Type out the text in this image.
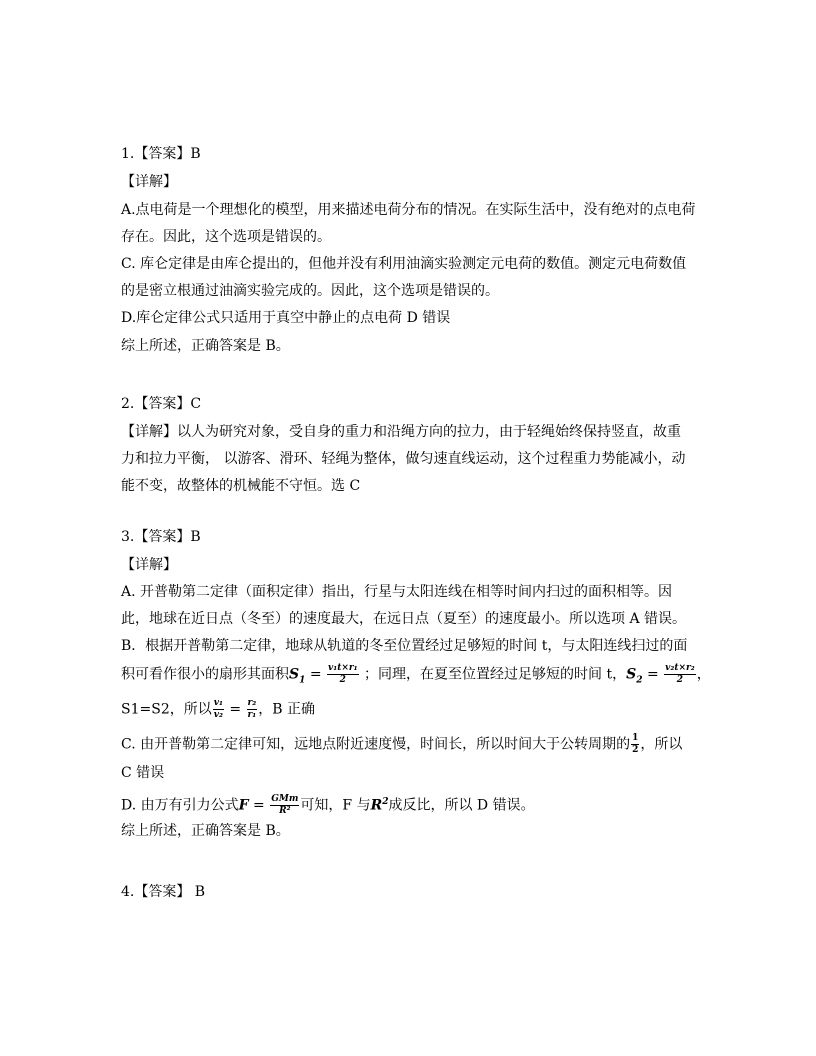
1.【答案】B
【详解】
A.点电荷是一个理想化的模型，用来描述电荷分布的情况。在实际生活中，没有绝对的点电荷
存在。因此，这个选项是错误的。
C. 库仑定律是由库仑提出的，但他并没有利用油滴实验测定元电荷的数值。测定元电荷数值
的是密立根通过油滴实验完成的。因此，这个选项是错误的。
D.库仑定律公式只适用于真空中静止的点电荷 D 错误
综上所述，正确答案是 B。
2.【答案】C
【详解】以人为研究对象，受自身的重力和沿绳方向的拉力，由于轻绳始终保持竖直，故重
力和拉力平衡， 以游客、滑环、轻绳为整体，做匀速直线运动，这个过程重力势能减小，动
能不变，故整体的机械能不守恒。选 C
3.【答案】B
【详解】
A. 开普勒第二定律（面积定律）指出，行星与太阳连线在相等时间内扫过的面积相等。因
此，地球在近日点（冬至）的速度最大，在远日点（夏至）的速度最小。所以选项 A 错误。
B．根据开普勒第二定律，地球从轨道的冬至位置经过足够短的时间 t，与太阳连线扫过的面
积可看作很小的扇形其面积$S_1 = \frac{\text{v₁t×r₁}}{2}$ ；同理，在夏至位置经过足够短的时间 t，$S_2 = \frac{\text{v₂t×r₂}}{2}$ ，
S1=S2，所以 $\frac{\text{v₁}}{\text{v₂}} = \frac{\text{r₂}}{\text{r₁}}$ ，B 正确
C. 由开普勒第二定律可知，远地点附近速度慢，时间长，所以时间大于公转周期的 $\frac{1}{2}$ ，所以
C 错误
D. 由万有引力公式$F = \frac{\text{GMm}}{\text{R²}}$ 可知，F 与$R^2$成反比，所以 D 错误。
综上所述，正确答案是 B。
4.【答案】 B
